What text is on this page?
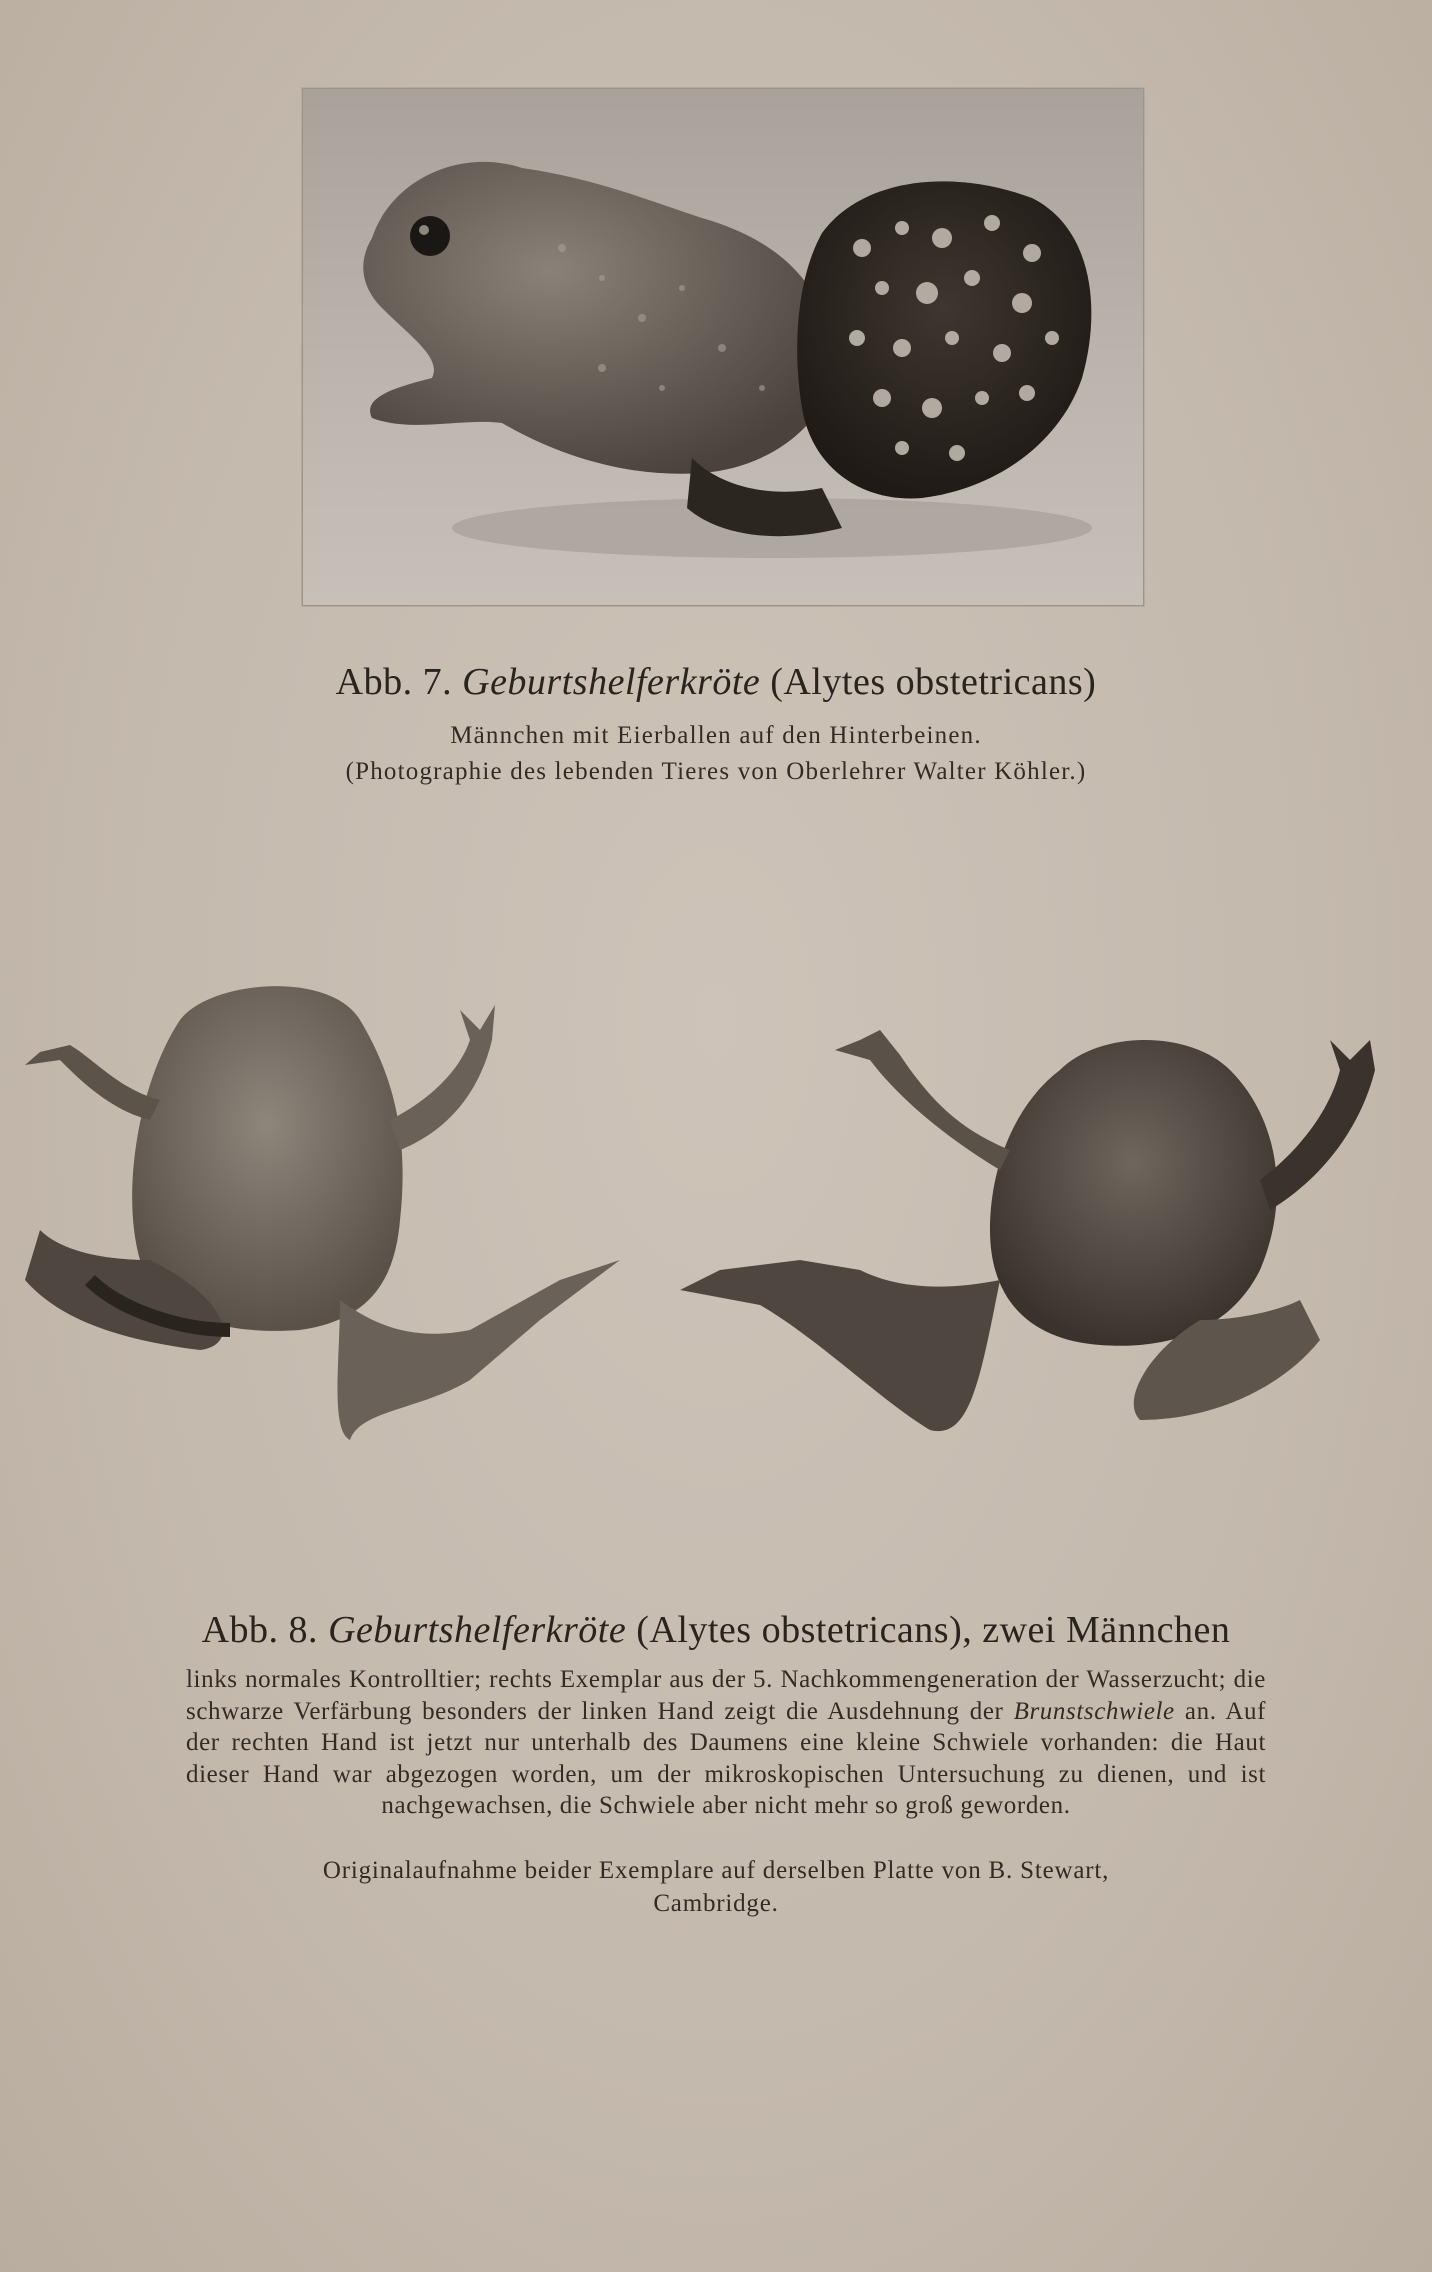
Abb. 7. Geburtshelferkröte (Alytes obstetricans)
Männchen mit Eierballen auf den Hinterbeinen.
(Photographie des lebenden Tieres von Oberlehrer Walter Köhler.)
Abb. 8. Geburtshelferkröte (Alytes obstetricans), zwei Männchen
links normales Kontrolltier; rechts Exemplar aus der 5. Nachkommengeneration der Wasserzucht; die schwarze Verfärbung besonders der linken Hand zeigt die Ausdehnung der Brunstschwiele an. Auf der rechten Hand ist jetzt nur unterhalb des Daumens eine kleine Schwiele vorhanden: die Haut dieser Hand war abgezogen worden, um der mikroskopischen Untersuchung zu dienen, und ist nachgewachsen, die Schwiele aber nicht mehr so groß geworden.
Originalaufnahme beider Exemplare auf derselben Platte von B. Stewart,
Cambridge.
